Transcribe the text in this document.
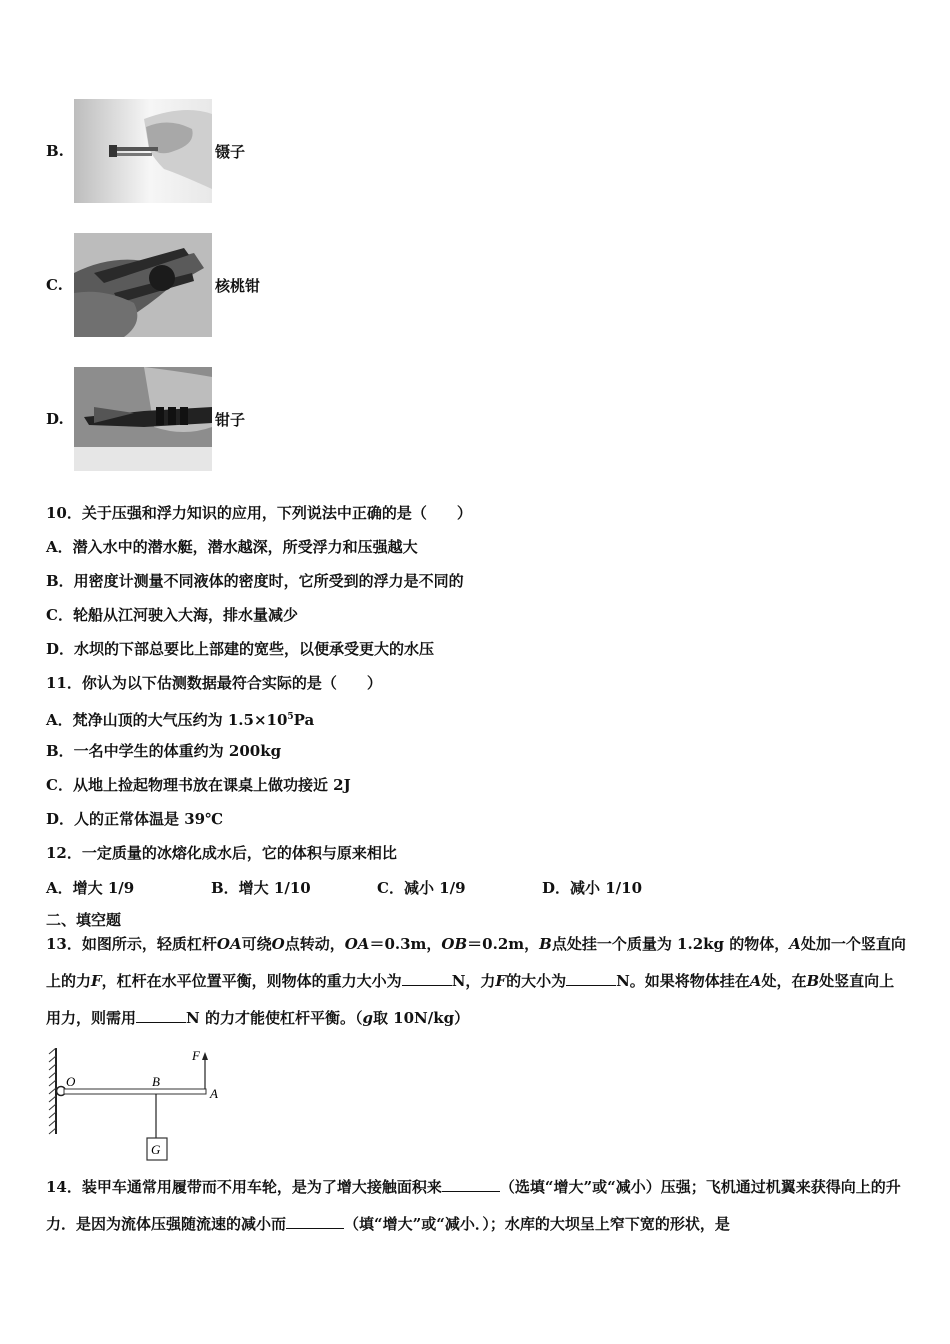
B.	镊子
C.	核桃钳
D.	钳子
10．关于压强和浮力知识的应用，下列说法中正确的是（　　）
A．潜入水中的潜水艇，潜水越深，所受浮力和压强越大
B．用密度计测量不同液体的密度时，它所受到的浮力是不同的
C．轮船从江河驶入大海，排水量减少
D．水坝的下部总要比上部建的宽些，以便承受更大的水压
11．你认为以下估测数据最符合实际的是（　　）
A．梵净山顶的大气压约为 $1.5\times 10^5Pa$
B．一名中学生的体重约为 200kg
C．从地上捡起物理书放在课桌上做功接近 2J
D．人的正常体温是 39℃
12．一定质量的冰熔化成水后，它的体积与原来相比
A．增大 1/9	B．增大 1/10	C．减小 1/9	D．减小 1/10
二、填空题
13．如图所示，轻质杠杆OA可绕O点转动，OA＝0.3m，OB＝0.2m，B点处挂一个质量为 1.2kg 的物体，A处加一个竖直向上的力F，杠杆在水平位置平衡，则物体的重力大小为	N，力F的大小为	N。如果将物体挂在A处，在B处竖直向上用力，则需用	N 的力才能使杠杆平衡。（g取 10N/kg）
O	B
A
F
G
14．装甲车通常用履带而不用车轮，是为了增大接触面积来	（选填“增大”或“减小）压强；飞机通过机翼来获得向上的升力．是因为流体压强随流速的减小而	（填“增大”或“减小．）；水库的大坝呈上窄下宽的形状，是
